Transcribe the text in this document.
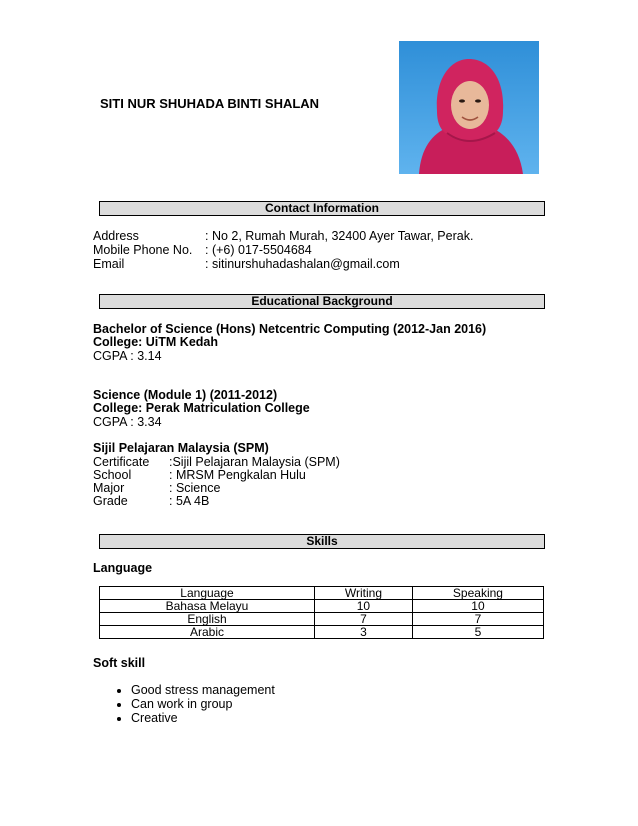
SITI NUR SHUHADA BINTI SHALAN
Contact Information
Address	: No 2, Rumah Murah, 32400 Ayer Tawar, Perak.
Mobile Phone No. : (+6) 017-5504684
Email	: sitinurshuhadashalan@gmail.com
Educational Background
Bachelor of Science (Hons) Netcentric Computing (2012-Jan 2016)
College: UiTM Kedah
CGPA : 3.14
Science (Module 1) (2011-2012)
College: Perak Matriculation College
CGPA : 3.34
Sijil Pelajaran Malaysia (SPM)
Certificate :Sijil Pelajaran Malaysia (SPM)
School	: MRSM Pengkalan Hulu
Major	: Science
Grade	: 5A 4B
Skills
Language
Language	Writing	Speaking
Bahasa Melayu	10	10
English	7	7
Arabic	3	5
Soft skill
• Good stress management
• Can work in group
• Creative
